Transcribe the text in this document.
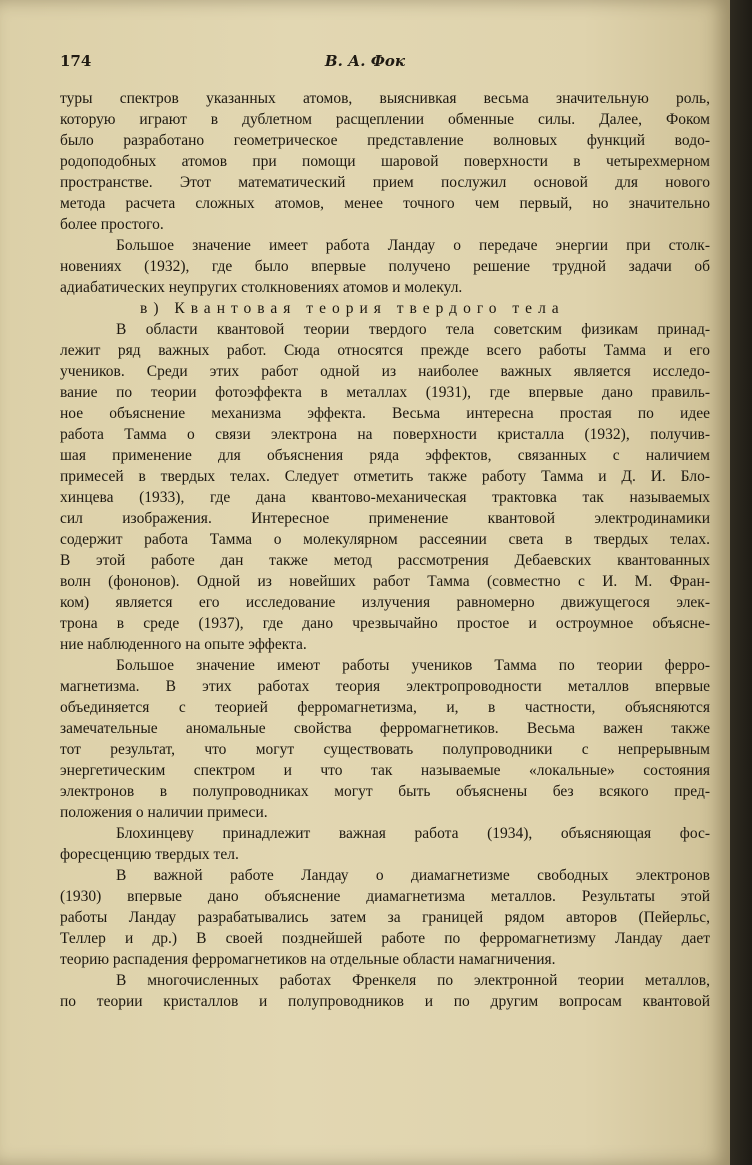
174	В. А. Фок
туры спектров указанных атомов, выяснивкая весьма значительную роль,
которую играют в дублетном расщеплении обменные силы. Далее, Фоком
было разработано геометрическое представление волновых функций водо-
родоподобных атомов при помощи шаровой поверхности в четырехмерном
пространстве. Этот математический прием послужил основой для нового
метода расчета сложных атомов, менее точного чем первый, но значительно
более простого.
Большое значение имеет работа Ландау о передаче энергии при столк-
новениях (1932), где было впервые получено решение трудной задачи об
адиабатических неупругих столкновениях атомов и молекул.
в) Квантовая теория твердого тела
В области квантовой теории твердого тела советским физикам принад-
лежит ряд важных работ. Сюда относятся прежде всего работы Тамма и его
учеников. Среди этих работ одной из наиболее важных является исследо-
вание по теории фотоэффекта в металлах (1931), где впервые дано правиль-
ное объяснение механизма эффекта. Весьма интересна простая по идее
работа Тамма о связи электрона на поверхности кристалла (1932), получив-
шая применение для объяснения ряда эффектов, связанных с наличием
примесей в твердых телах. Следует отметить также работу Тамма и Д. И. Бло-
хинцева (1933), где дана квантово-механическая трактовка так называемых
сил изображения. Интересное применение квантовой электродинамики
содержит работа Тамма о молекулярном рассеянии света в твердых телах.
В этой работе дан также метод рассмотрения Дебаевских квантованных
волн (фононов). Одной из новейших работ Тамма (совместно с И. М. Фран-
ком) является его исследование излучения равномерно движущегося элек-
трона в среде (1937), где дано чрезвычайно простое и остроумное объясне-
ние наблюденного на опыте эффекта.
Большое значение имеют работы учеников Тамма по теории ферро-
магнетизма. В этих работах теория электропроводности металлов впервые
объединяется с теорией ферромагнетизма, и, в частности, объясняются
замечательные аномальные свойства ферромагнетиков. Весьма важен также
тот результат, что могут существовать полупроводники с непрерывным
энергетическим спектром и что так называемые «локальные» состояния
электронов в полупроводниках могут быть объяснены без всякого пред-
положения о наличии примеси.
Блохинцеву принадлежит важная работа (1934), объясняющая фос-
форесценцию твердых тел.
В важной работе Ландау о диамагнетизме свободных электронов
(1930) впервые дано объяснение диамагнетизма металлов. Результаты этой
работы Ландау разрабатывались затем за границей рядом авторов (Пейерльс,
Теллер и др.) В своей позднейшей работе по ферромагнетизму Ландау дает
теорию распадения ферромагнетиков на отдельные области намагничения.
В многочисленных работах Френкеля по электронной теории металлов,
по теории кристаллов и полупроводников и по другим вопросам квантовой
